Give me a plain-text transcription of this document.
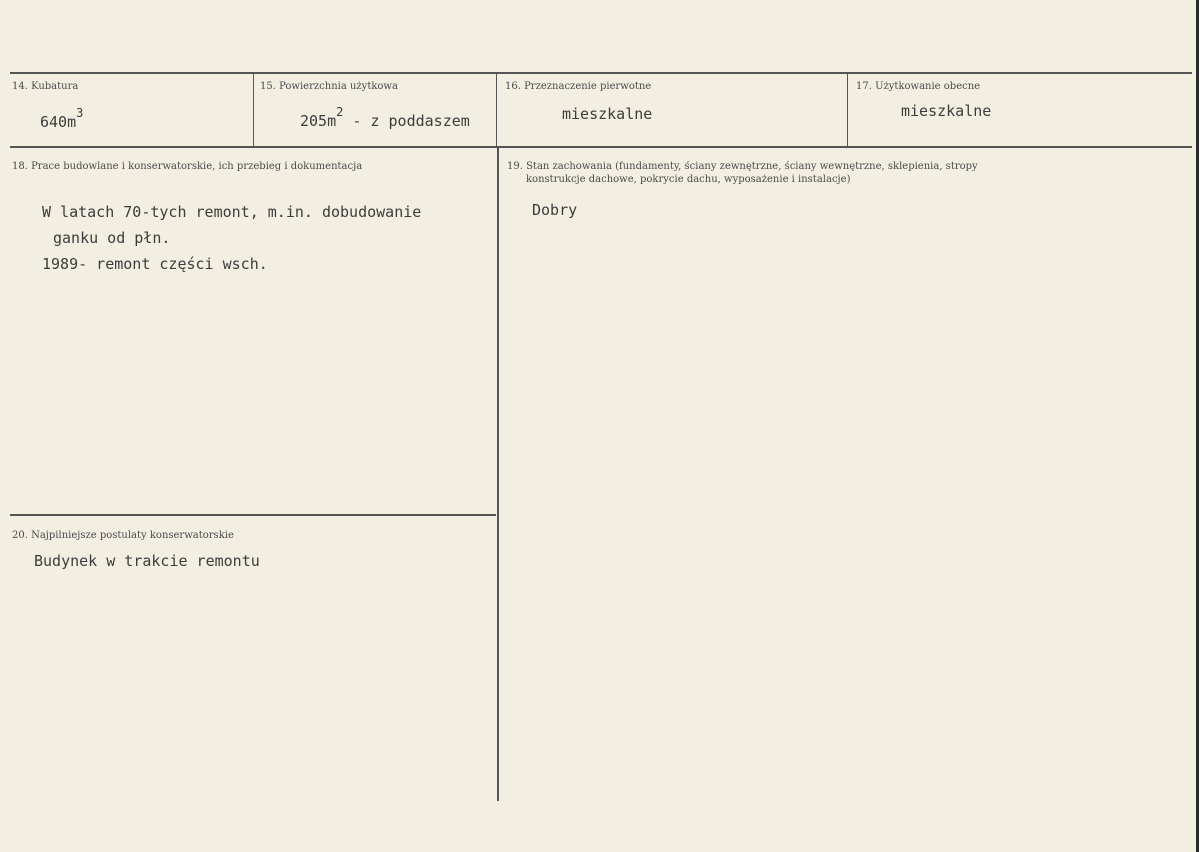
14. Kubatura
$640m^3$
15. Powierzchnia użytkowa
$205m^2$ - z poddaszem
16. Przeznaczenie pierwotne
mieszkalne
17. Użytkowanie obecne
mieszkalne
18. Prace budowlane i konserwatorskie, ich przebieg i dokumentacja
W latach 70-tych remont, m.in. dobudowanie
ganku od płn.
1989- remont części wsch.
19. Stan zachowania (fundamenty, ściany zewnętrzne, ściany wewnętrzne, sklepienia, stropy
konstrukcje dachowe, pokrycie dachu, wyposażenie i instalacje)
Dobry
20. Najpilniejsze postulaty konserwatorskie
Budynek w trakcie remontu
